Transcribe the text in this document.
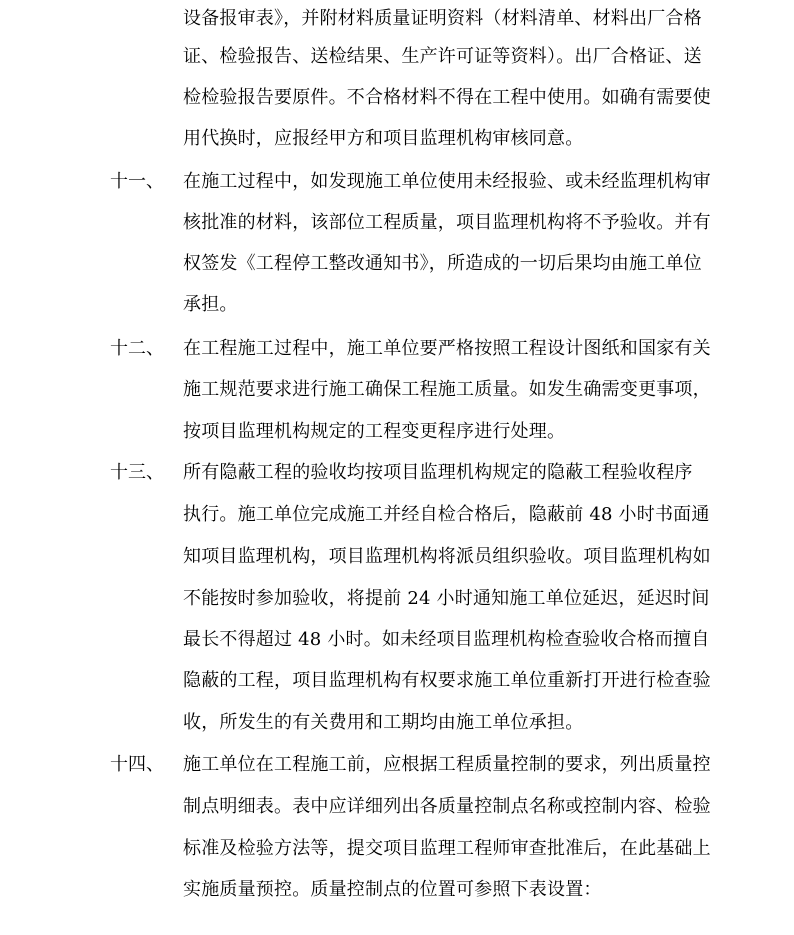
设备报审表》，并附材料质量证明资料（材料清单、材料出厂合格
证、检验报告、送检结果、生产许可证等资料）。出厂合格证、送
检检验报告要原件。不合格材料不得在工程中使用。如确有需要使
用代换时，应报经甲方和项目监理机构审核同意。
十一、 在施工过程中，如发现施工单位使用未经报验、或未经监理机构审
核批准的材料，该部位工程质量，项目监理机构将不予验收。并有
权签发《工程停工整改通知书》，所造成的一切后果均由施工单位
承担。
十二、 在工程施工过程中，施工单位要严格按照工程设计图纸和国家有关
施工规范要求进行施工确保工程施工质量。如发生确需变更事项，
按项目监理机构规定的工程变更程序进行处理。
十三、 所有隐蔽工程的验收均按项目监理机构规定的隐蔽工程验收程序
执行。施工单位完成施工并经自检合格后，隐蔽前 48 小时书面通
知项目监理机构，项目监理机构将派员组织验收。项目监理机构如
不能按时参加验收，将提前 24 小时通知施工单位延迟，延迟时间
最长不得超过 48 小时。如未经项目监理机构检查验收合格而擅自
隐蔽的工程，项目监理机构有权要求施工单位重新打开进行检查验
收，所发生的有关费用和工期均由施工单位承担。
十四、 施工单位在工程施工前，应根据工程质量控制的要求，列出质量控
制点明细表。表中应详细列出各质量控制点名称或控制内容、检验
标准及检验方法等，提交项目监理工程师审查批准后，在此基础上
实施质量预控。质量控制点的位置可参照下表设置：
